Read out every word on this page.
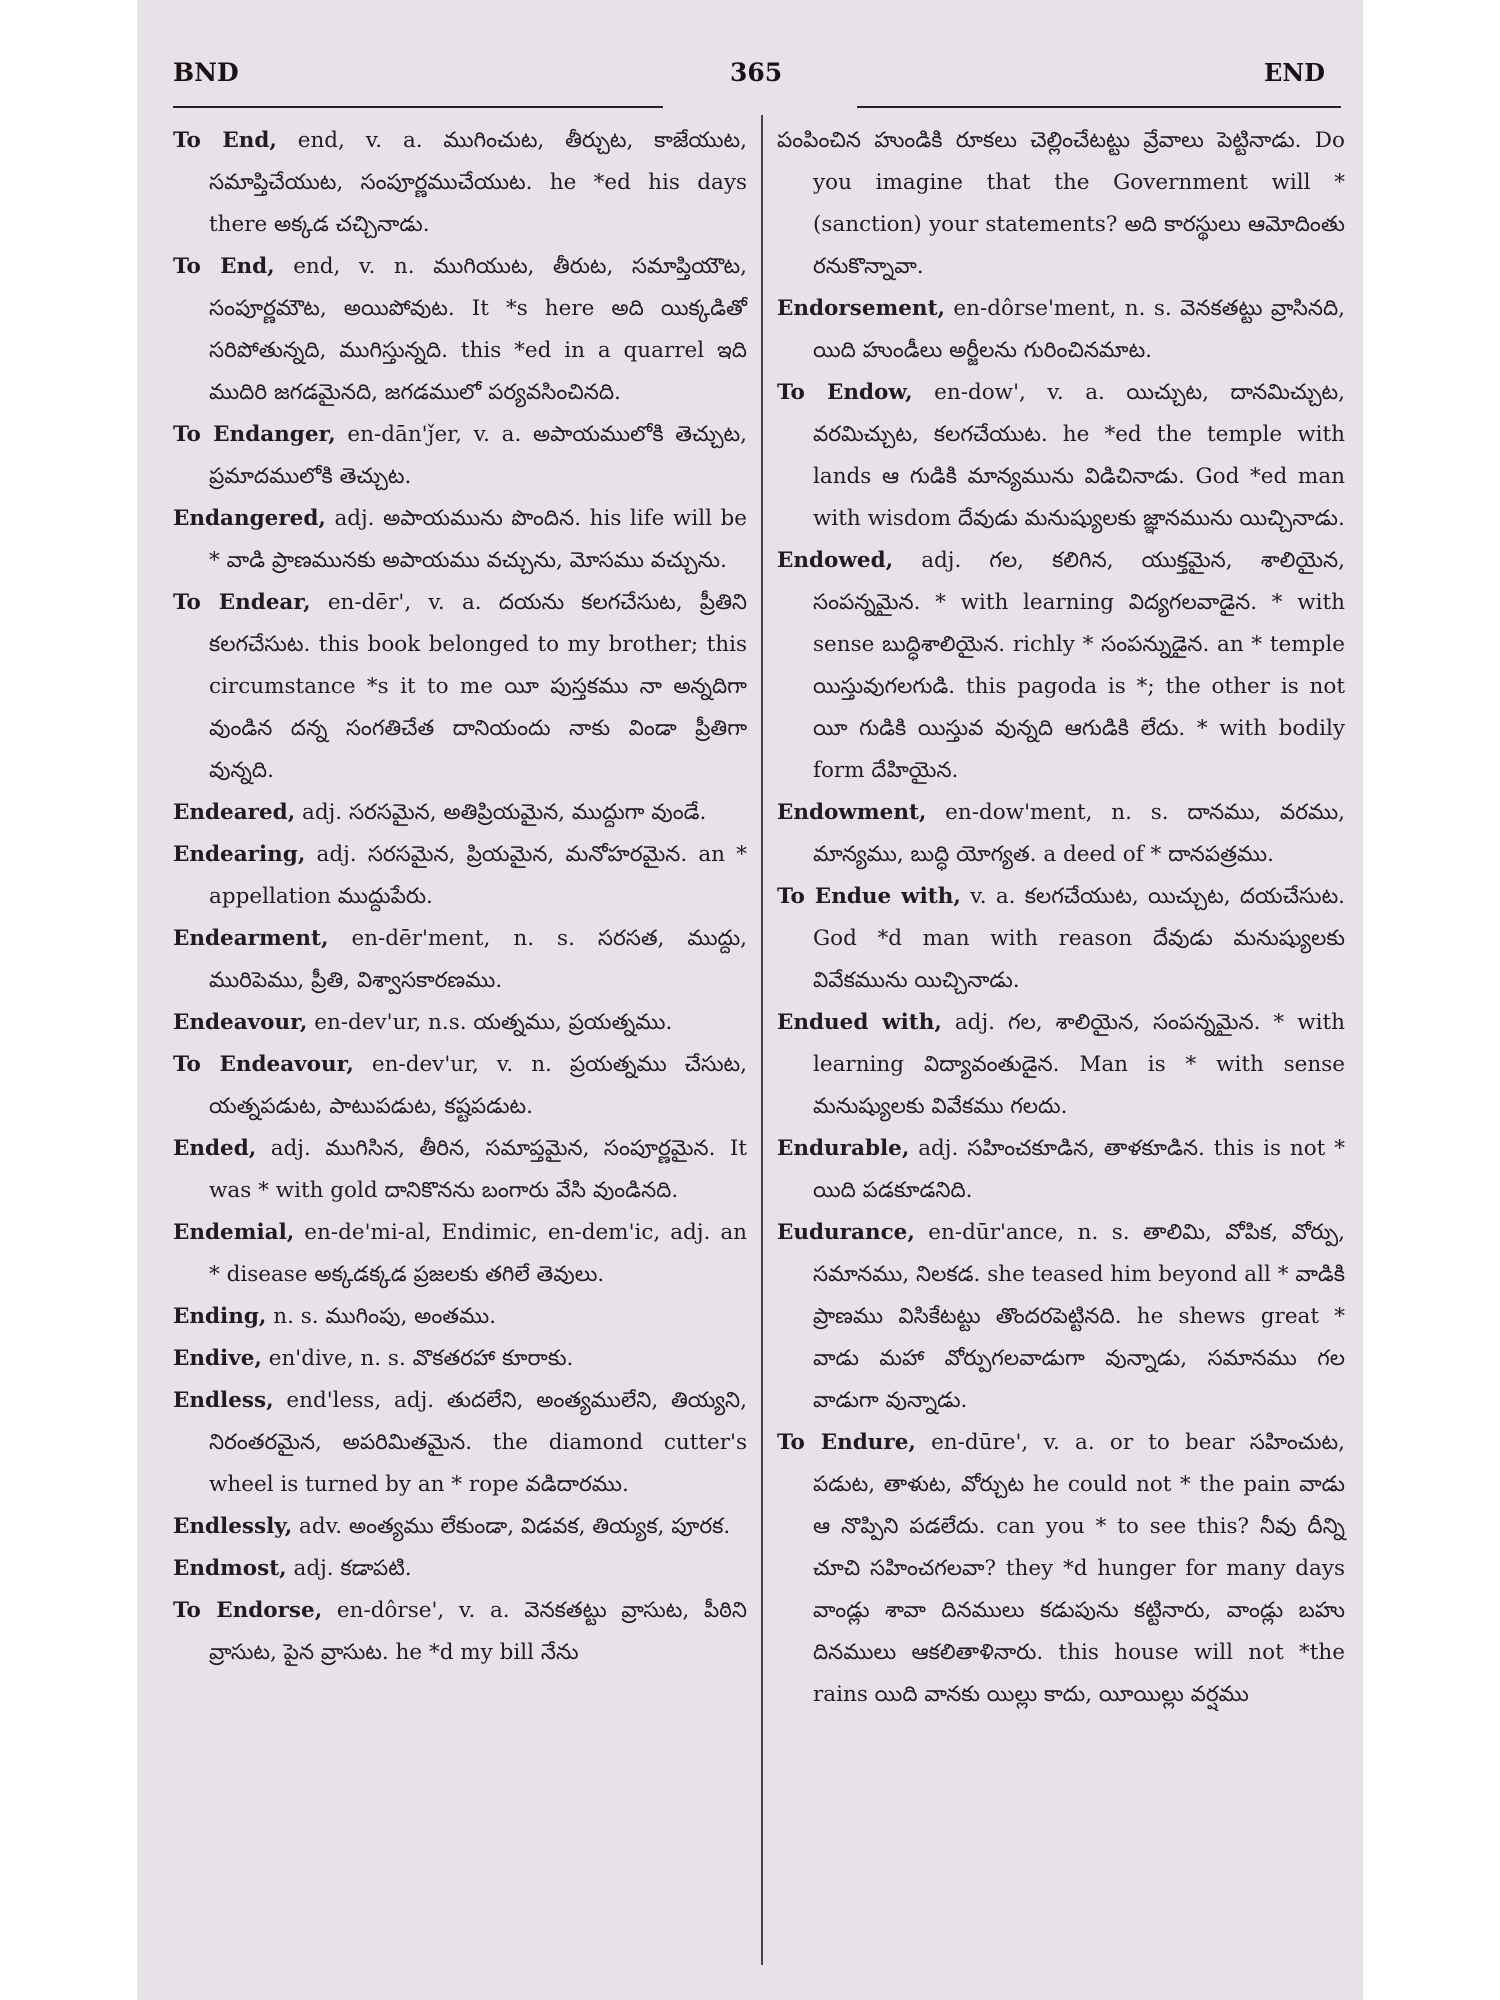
BND	365	END

To End, end, v. a. ముగించుట, తీర్చుట, కాజేయుట, సమాప్తిచేయుట, సంపూర్ణముచేయుట. he *ed his days there అక్కడ చచ్చినాడు.

To End, end, v. n. ముగియుట, తీరుట, సమాప్తియౌట, సంపూర్ణమౌట, అయిపోవుట. It *s here అది యిక్కడితో సరిపోతున్నది, ముగిస్తున్నది. this *ed in a quarrel ఇది ముదిరి జగడమైనది, జగడములో పర్యవసించినది.

To Endanger, en-dān'ǰer, v. a. అపాయములోకి తెచ్చుట, ప్రమాదములోకి తెచ్చుట.

Endangered, adj. అపాయమును పొందిన. his life will be * వాడి ప్రాణమునకు అపాయము వచ్చును, మోసము వచ్చును.

To Endear, en-dēr', v. a. దయను కలగచేసుట, ప్రీతిని కలగచేసుట. this book belonged to my brother; this circumstance *s it to me యీ పుస్తకము నా అన్నదిగా వుండిన దన్న సంగతిచేత దానియందు నాకు విండా ప్రీతిగా వున్నది.

Endeared, adj. సరసమైన, అతిప్రియమైన, ముద్దుగా వుండే.

Endearing, adj. సరసమైన, ప్రియమైన, మనోహరమైన. an * appellation ముద్దుపేరు.

Endearment, en-dēr'ment, n. s. సరసత, ముద్దు, మురిపెము, ప్రీతి, విశ్వాసకారణము.

Endeavour, en-dev'ur, n.s. యత్నము, ప్రయత్నము.

To Endeavour, en-dev'ur, v. n. ప్రయత్నము చేసుట, యత్నపడుట, పాటుపడుట, కష్టపడుట.

Ended, adj. ముగిసిన, తీరిన, సమాప్తమైన, సంపూర్ణమైన. It was * with gold దానికొనను బంగారు వేసి వుండినది.

Endemial, en-de'mi-al, Endimic, en-dem'ic, adj. an * disease అక్కడక్కడ ప్రజలకు తగిలే తెవులు.

Ending, n. s. ముగింపు, అంతము.

Endive, en'dive, n. s. వొకతరహా కూరాకు.

Endless, end'less, adj. తుదలేని, అంత్యములేని, తియ్యని, నిరంతరమైన, అపరిమితమైన. the diamond cutter's wheel is turned by an * rope వడిదారము.

Endlessly, adv. అంత్యము లేకుండా, విడవక, తియ్యక, పూరక.

Endmost, adj. కడాపటి.

To Endorse, en-dôrse', v. a. వెనకతట్టు వ్రాసుట, పీఠిని వ్రాసుట, పైన వ్రాసుట. he *d my bill నేను

పంపించిన హుండికి రూకలు చెల్లించేటట్టు వ్రేవాలు పెట్టినాడు. Do you imagine that the Government will * (sanction) your statements? అది కారస్థులు ఆమోదింతు రనుకొన్నావా.

Endorsement, en-dôrse'ment, n. s. వెనకతట్టు వ్రాసినది, యిది హుండీలు అర్జీలను గురించినమాట.

To Endow, en-dow', v. a. యిచ్చుట, దానమిచ్చుట, వరమిచ్చుట, కలగచేయుట. he *ed the temple with lands ఆ గుడికి మాన్యమును విడిచినాడు. God *ed man with wisdom దేవుడు మనుష్యులకు జ్ఞానమును యిచ్చినాడు.

Endowed, adj. గల, కలిగిన, యుక్తమైన, శాలియైన, సంపన్నమైన. * with learning విద్యగలవాడైన. * with sense బుద్ధిశాలియైన. richly * సంపన్నుడైన. an * temple యిస్తువుగలగుడి. this pagoda is *; the other is not యీ గుడికి యిస్తువ వున్నది ఆగుడికి లేదు. * with bodily form దేహియైన.

Endowment, en-dow'ment, n. s. దానము, వరము, మాన్యము, బుద్ధి యోగ్యత. a deed of * దానపత్రము.

To Endue with, v. a. కలగచేయుట, యిచ్చుట, దయచేసుట. God *d man with reason దేవుడు మనుష్యులకు వివేకమును యిచ్చినాడు.

Endued with, adj. గల, శాలియైన, సంపన్నమైన. * with learning విద్యావంతుడైన. Man is * with sense మనుష్యులకు వివేకము గలదు.

Endurable, adj. సహించకూడిన, తాళకూడిన. this is not * యిది పడకూడనిది.

Eudurance, en-dūr'ance, n. s. తాలిమి, వోపిక, వోర్పు, సమానము, నిలకడ. she teased him beyond all * వాడికి ప్రాణము విసికేటట్టు తొందరపెట్టినది. he shews great * వాడు మహా వోర్పుగలవాడుగా వున్నాడు, సమానము గల వాడుగా వున్నాడు.

To Endure, en-dūre', v. a. or to bear సహించుట, పడుట, తాళుట, వోర్చుట he could not * the pain వాడు ఆ నొప్పిని పడలేదు. can you * to see this? నీవు దీన్ని చూచి సహించగలవా? they *d hunger for many days వాండ్లు శావా దినములు కడుపును కట్టినారు, వాండ్లు బహు దినములు ఆకలితాళినారు. this house will not *the rains యిది వానకు యిల్లు కాదు, యీయిల్లు వర్షము
